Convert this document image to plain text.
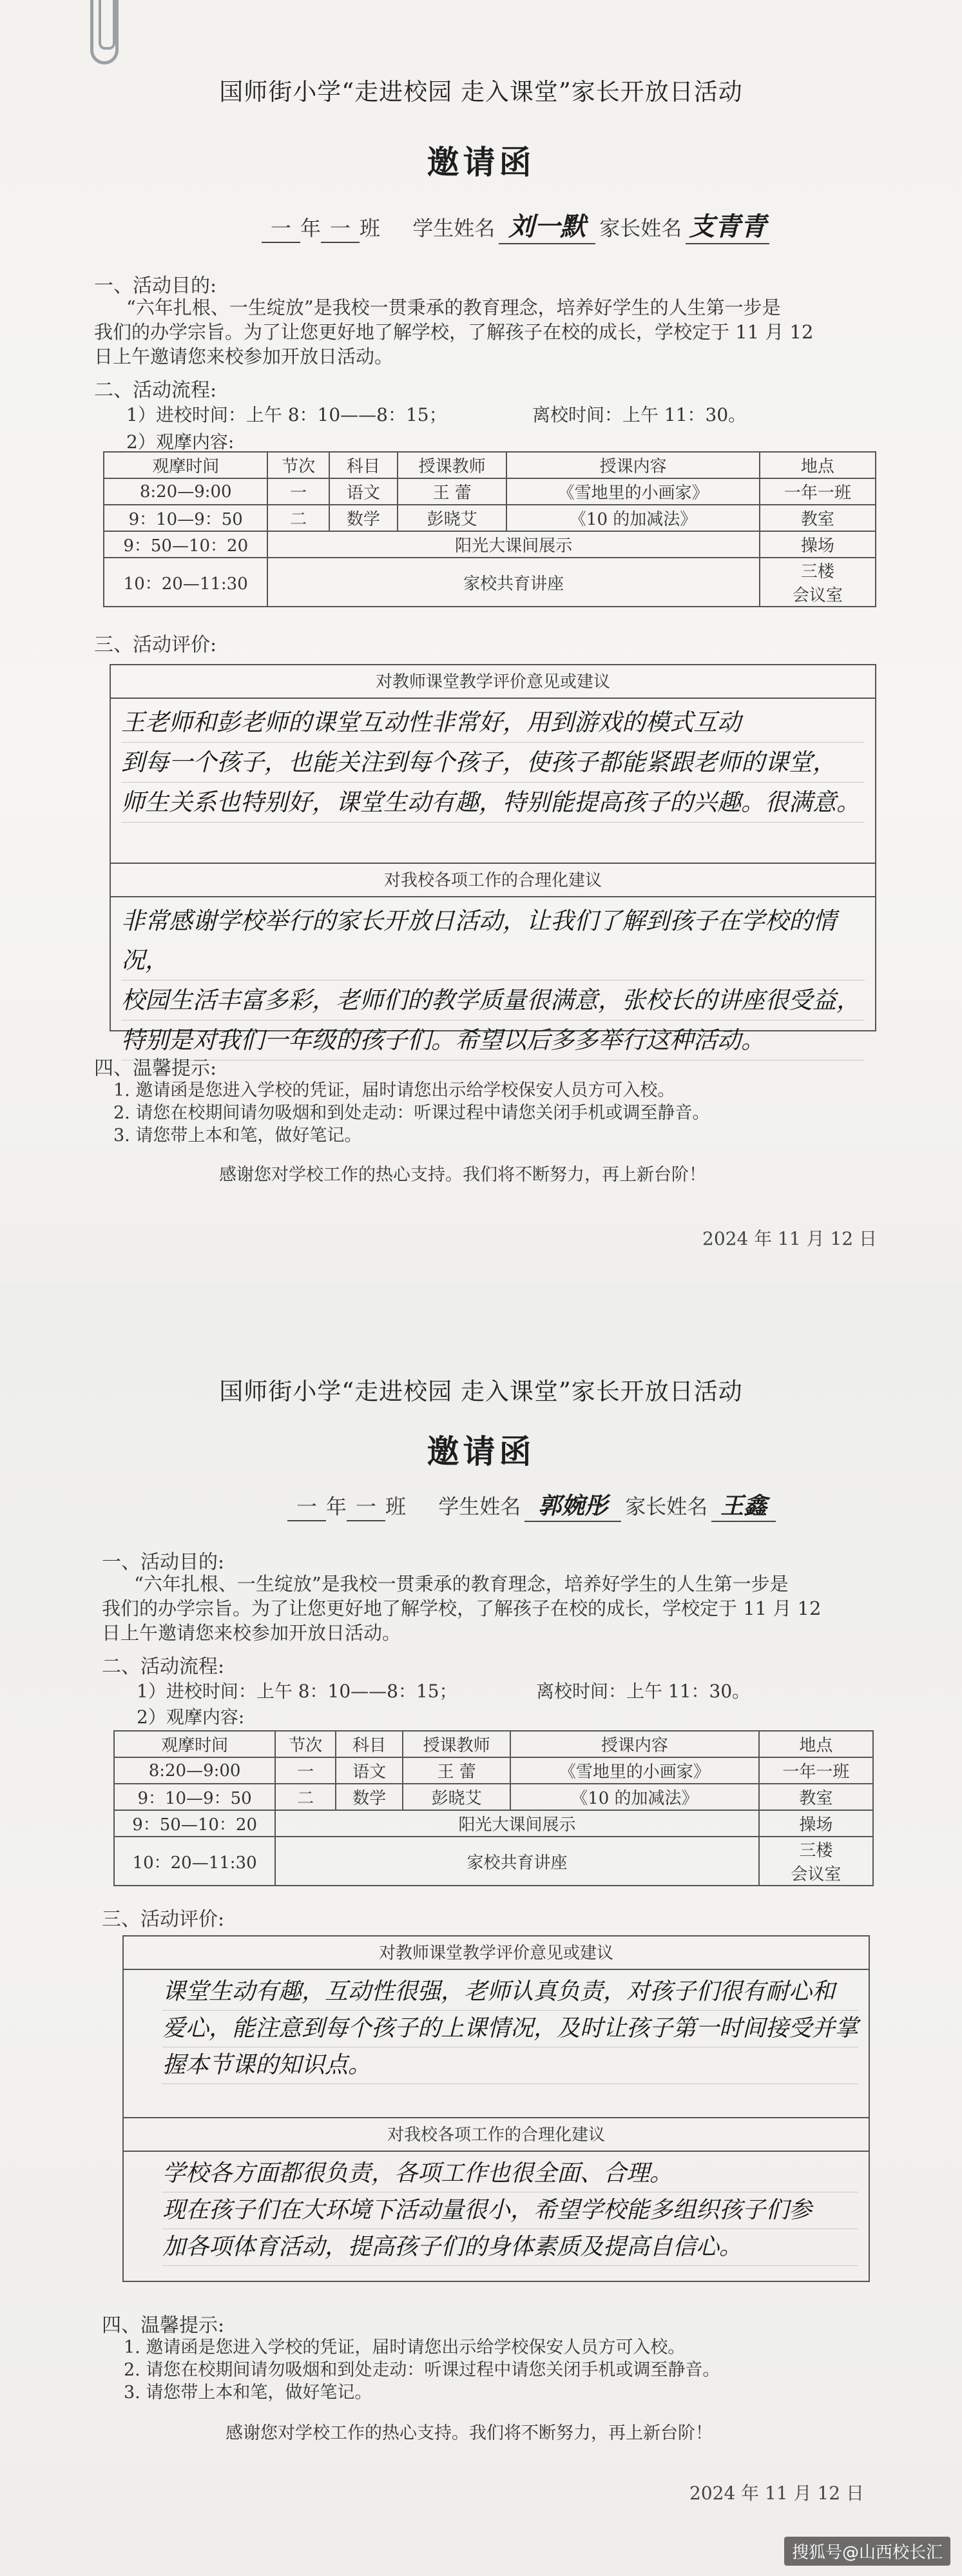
国师街小学“走进校园 走入课堂”家长开放日活动
邀请函
一 年 一 班 学生姓名 刘一默 家长姓名 支青青
一、活动目的:
“六年扎根、一生绽放”是我校一贯秉承的教育理念，培养好学生的人生第一步是
我们的办学宗旨。为了让您更好地了解学校，了解孩子在校的成长，学校定于 11 月 12
日上午邀请您来校参加开放日活动。
二、活动流程:
1）进校时间：上午 8：10——8：15；	离校时间：上午 11：30。
2）观摩内容:
观摩时间	节次	科目	授课教师	授课内容	地点
8:20—9:00	一	语文	王 蕾	《雪地里的小画家》	一年一班
9：10—9：50	二	数学	彭晓艾	《10 的加减法》	教室
9：50—10：20	阳光大课间展示				操场
10：20—11:30	家校共育讲座				三楼
会议室
三、活动评价:
对教师课堂教学评价意见或建议
王老师和彭老师的课堂互动性非常好，用到游戏的模式互动
到每一个孩子，也能关注到每个孩子，使孩子都能紧跟老师的课堂，
师生关系也特别好，课堂生动有趣，特别能提高孩子的兴趣。很满意。
对我校各项工作的合理化建议
非常感谢学校举行的家长开放日活动，让我们了解到孩子在学校的情况，
校园生活丰富多彩，老师们的教学质量很满意，张校长的讲座很受益，
特别是对我们一年级的孩子们。希望以后多多举行这种活动。
四、温馨提示:
1. 邀请函是您进入学校的凭证，届时请您出示给学校保安人员方可入校。
2. 请您在校期间请勿吸烟和到处走动：听课过程中请您关闭手机或调至静音。
3. 请您带上本和笔，做好笔记。
感谢您对学校工作的热心支持。我们将不断努力，再上新台阶！
2024 年 11 月 12 日
国师街小学“走进校园 走入课堂”家长开放日活动
邀请函
一 年 一 班 学生姓名 郭婉彤 家长姓名 王鑫
一、活动目的:
“六年扎根、一生绽放”是我校一贯秉承的教育理念，培养好学生的人生第一步是
我们的办学宗旨。为了让您更好地了解学校，了解孩子在校的成长，学校定于 11 月 12
日上午邀请您来校参加开放日活动。
二、活动流程:
1）进校时间：上午 8：10——8：15；	离校时间：上午 11：30。
2）观摩内容:
观摩时间	节次	科目	授课教师	授课内容	地点
8:20—9:00	一	语文	王 蕾	《雪地里的小画家》	一年一班
9：10—9：50	二	数学	彭晓艾	《10 的加减法》	教室
9：50—10：20	阳光大课间展示				操场
10：20—11:30	家校共育讲座				三楼
会议室
三、活动评价:
对教师课堂教学评价意见或建议
课堂生动有趣，互动性很强，老师认真负责，对孩子们很有耐心和
爱心，能注意到每个孩子的上课情况，及时让孩子第一时间接受并掌
握本节课的知识点。
对我校各项工作的合理化建议
学校各方面都很负责，各项工作也很全面、合理。
现在孩子们在大环境下活动量很小，希望学校能多组织孩子们参
加各项体育活动，提高孩子们的身体素质及提高自信心。
四、温馨提示:
1. 邀请函是您进入学校的凭证，届时请您出示给学校保安人员方可入校。
2. 请您在校期间请勿吸烟和到处走动：听课过程中请您关闭手机或调至静音。
3. 请您带上本和笔，做好笔记。
感谢您对学校工作的热心支持。我们将不断努力，再上新台阶！
2024 年 11 月 12 日
搜狐号@山西校长汇
